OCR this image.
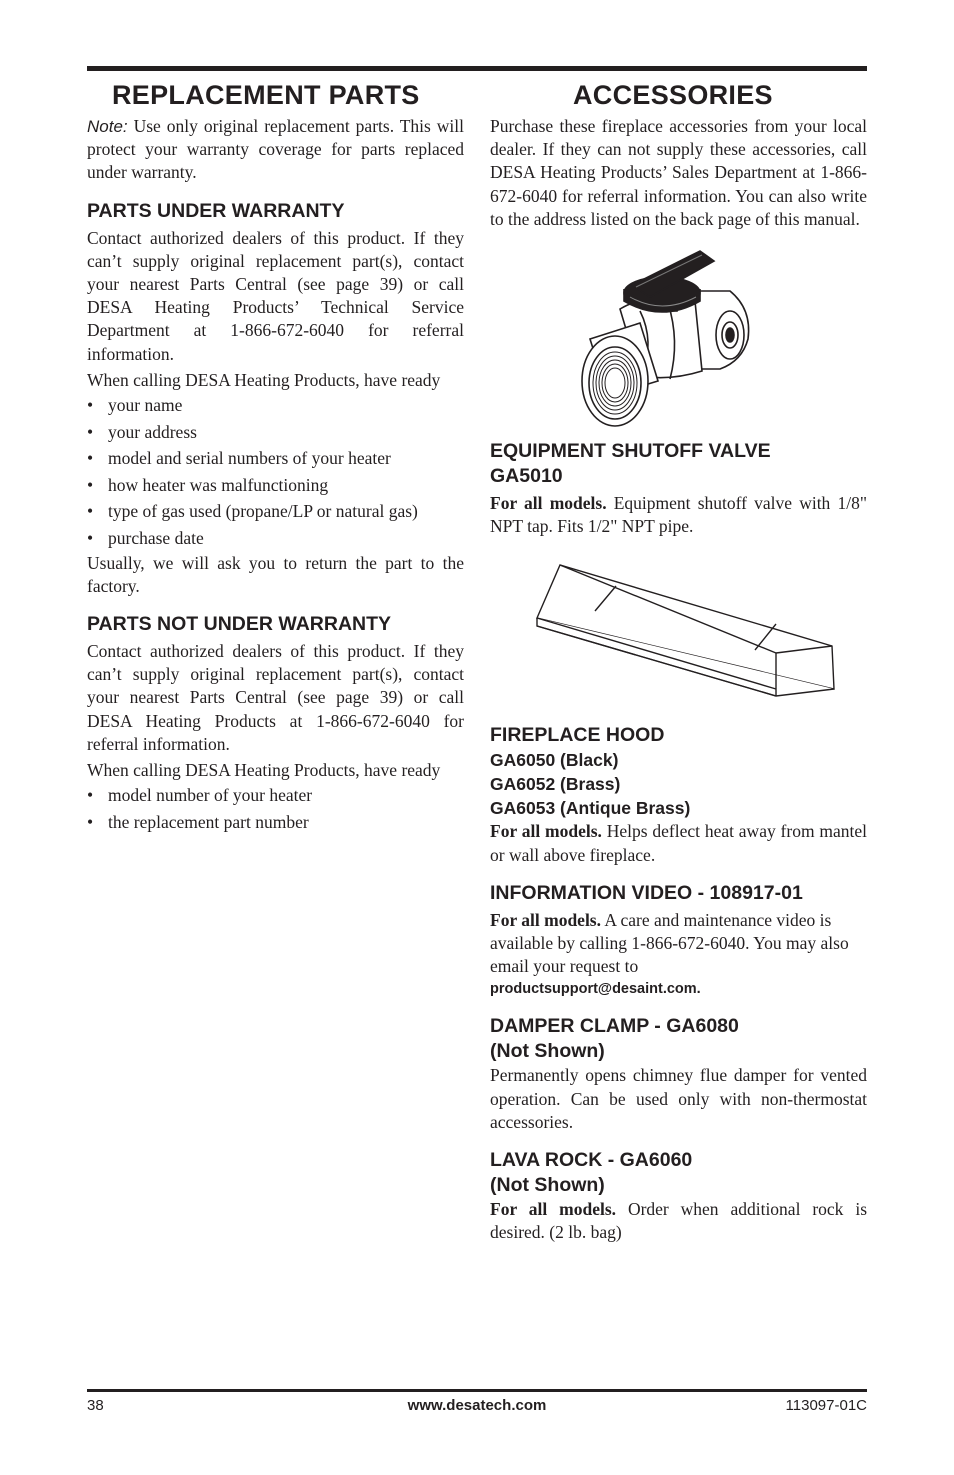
REPLACEMENT PARTS

Note: Use only original replacement parts. This will protect your warranty coverage for parts replaced under warranty.

PARTS UNDER WARRANTY

Contact authorized dealers of this product. If they can’t supply original replacement part(s), contact your nearest Parts Central (see page 39) or call DESA Heating Products’ Technical Service Department at 1-866-672-6040 for referral information.

When calling DESA Heating Products, have ready

• your name
• your address
• model and serial numbers of your heater
• how heater was malfunctioning
• type of gas used (propane/LP or natural gas)
• purchase date

Usually, we will ask you to return the part to the factory.

PARTS NOT UNDER WARRANTY

Contact authorized dealers of this product. If they can’t supply original replacement part(s), contact your nearest Parts Central (see page 39) or call DESA Heating Products at 1-866-672-6040 for referral information.

When calling DESA Heating Products, have ready

• model number of your heater
• the replacement part number
ACCESSORIES

Purchase these fireplace accessories from your local dealer. If they can not supply these accessories, call DESA Heating Products’ Sales Department at 1-866-672-6040 for referral information. You can also write to the address listed on the back page of this manual.

EQUIPMENT SHUTOFF VALVE
GA5010

For all models. Equipment shutoff valve with 1/8" NPT tap. Fits 1/2" NPT pipe.

FIREPLACE HOOD
GA6050 (Black)
GA6052 (Brass)
GA6053 (Antique Brass)

For all models. Helps deflect heat away from mantel or wall above fireplace.

INFORMATION VIDEO - 108917-01

For all models. A care and maintenance video is available by calling 1-866-672-6040. You may also email your request to

productsupport@desaint.com.
DAMPER CLAMP - GA6080
(Not Shown)

Permanently opens chimney flue damper for vented operation. Can be used only with non-thermostat accessories.

LAVA ROCK - GA6060
(Not Shown)

For all models. Order when additional rock is desired. (2 lb. bag)

38	www.desatech.com	113097-01C
